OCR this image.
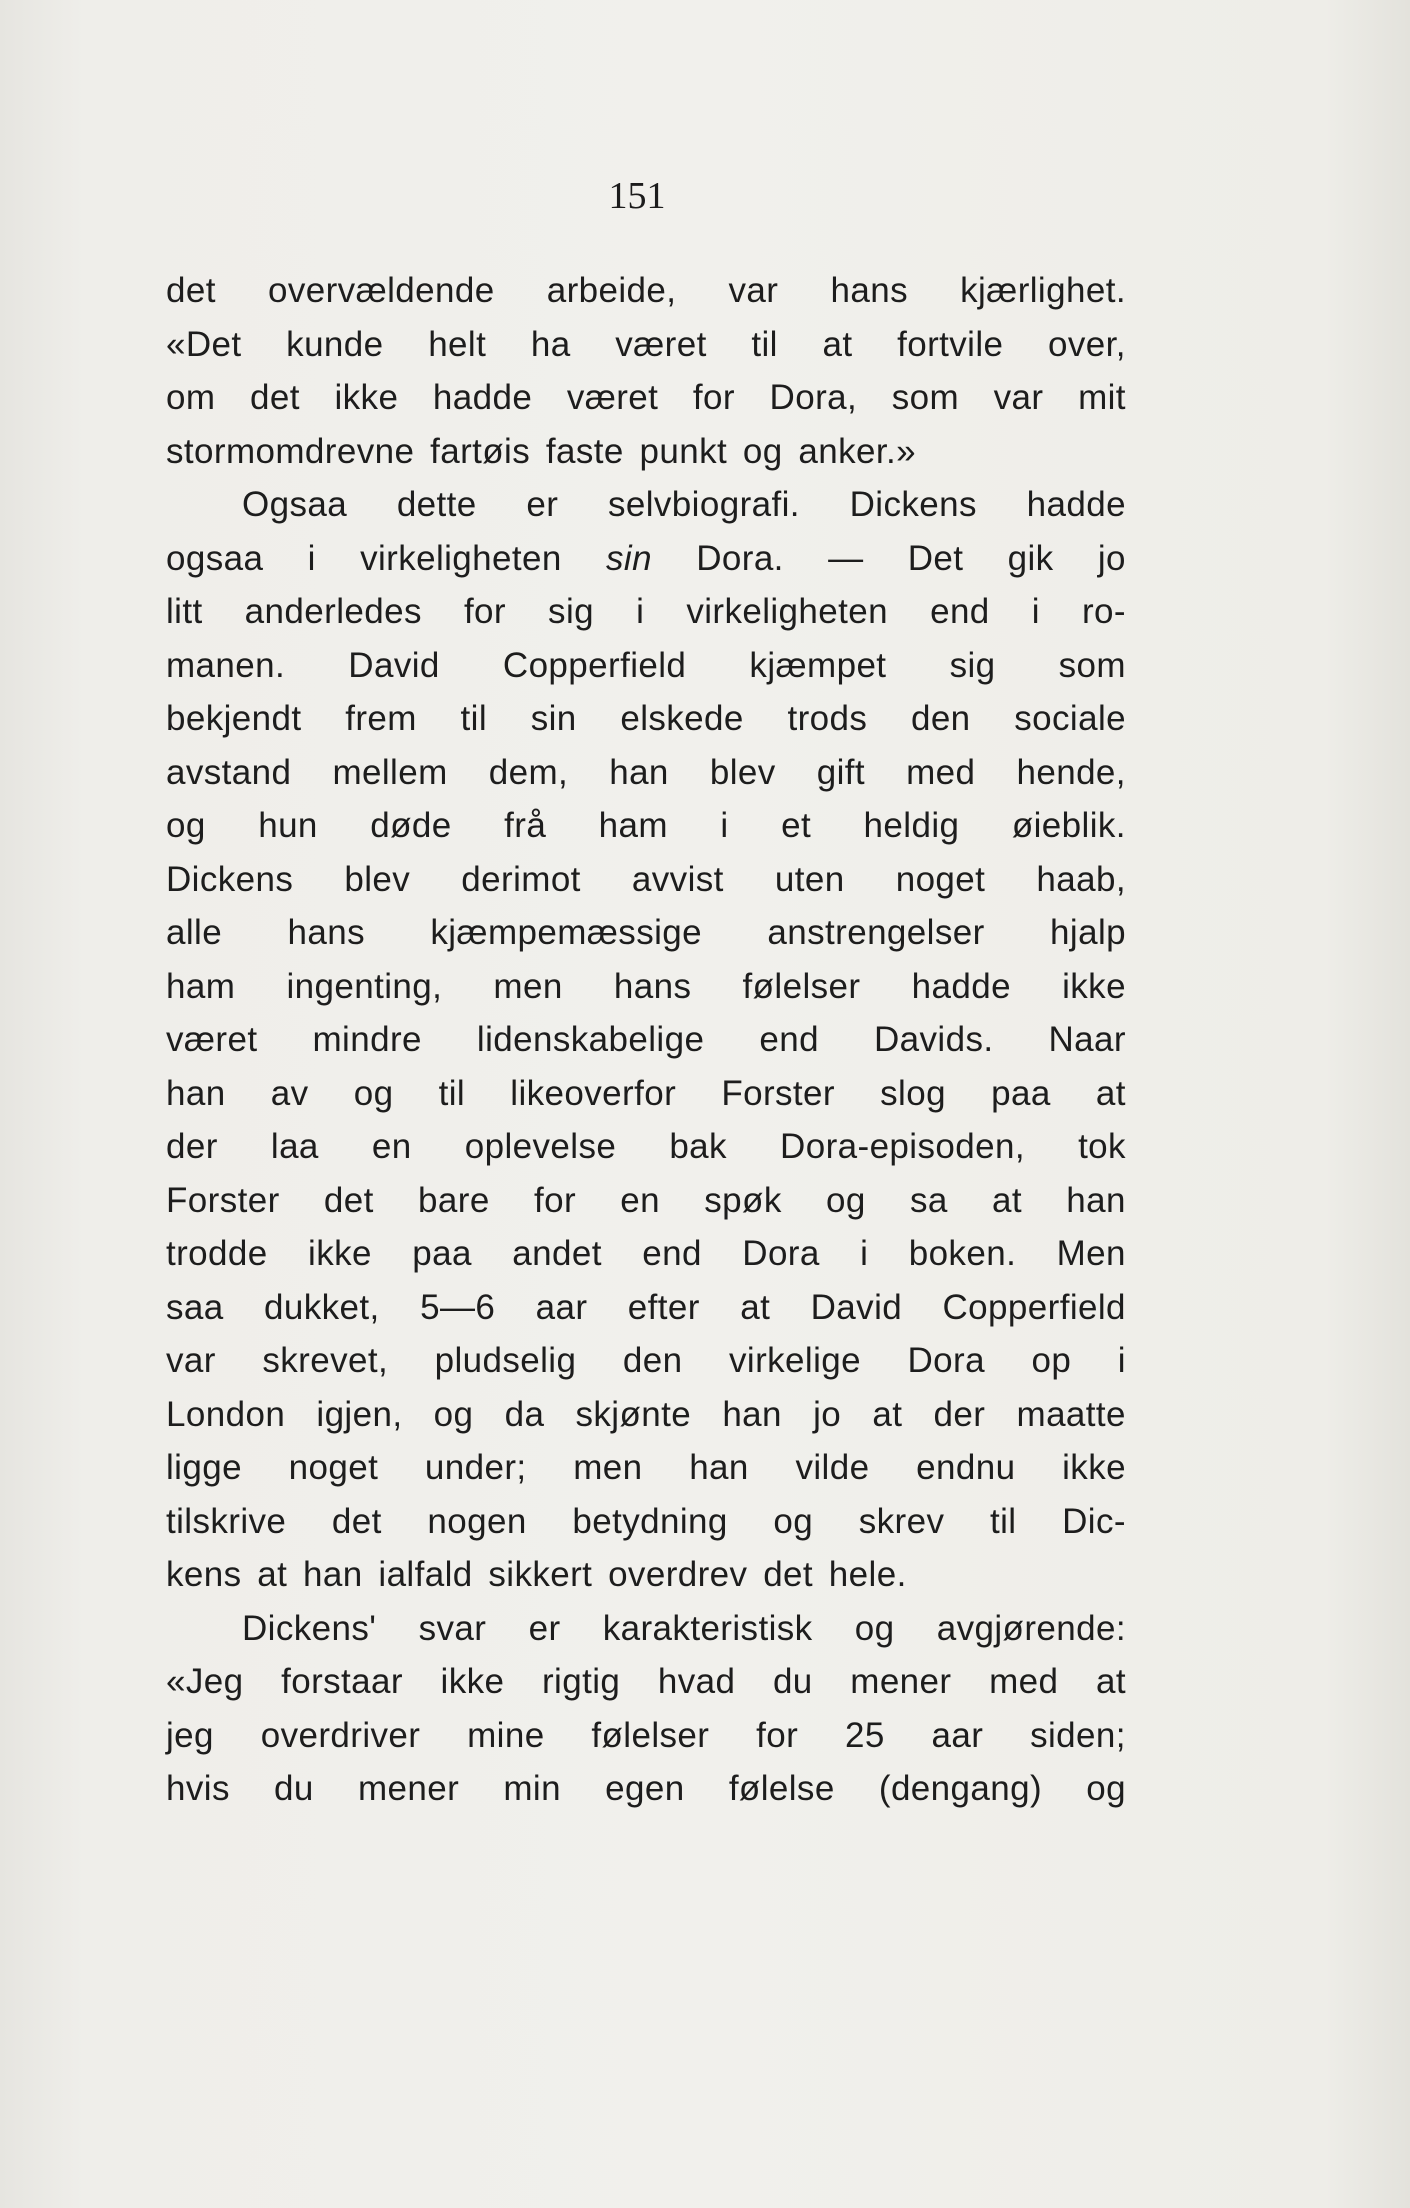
151
det overvældende arbeide, var hans kjærlighet.
«Det kunde helt ha været til at fortvile over,
om det ikke hadde været for Dora, som var mit
stormomdrevne fartøis faste punkt og anker.»
Ogsaa dette er selvbiografi. Dickens hadde
ogsaa i virkeligheten sin Dora. — Det gik jo
litt anderledes for sig i virkeligheten end i ro-
manen. David Copperfield kjæmpet sig som
bekjendt frem til sin elskede trods den sociale
avstand mellem dem, han blev gift med hende,
og hun døde frå ham i et heldig øieblik.
Dickens blev derimot avvist uten noget haab,
alle hans kjæmpemæssige anstrengelser hjalp
ham ingenting, men hans følelser hadde ikke
været mindre lidenskabelige end Davids. Naar
han av og til likeoverfor Forster slog paa at
der laa en oplevelse bak Dora-episoden, tok
Forster det bare for en spøk og sa at han
trodde ikke paa andet end Dora i boken. Men
saa dukket, 5—6 aar efter at David Copperfield
var skrevet, pludselig den virkelige Dora op i
London igjen, og da skjønte han jo at der maatte
ligge noget under; men han vilde endnu ikke
tilskrive det nogen betydning og skrev til Dic-
kens at han ialfald sikkert overdrev det hele.
Dickens' svar er karakteristisk og avgjørende:
«Jeg forstaar ikke rigtig hvad du mener med at
jeg overdriver mine følelser for 25 aar siden;
hvis du mener min egen følelse (dengang) og
